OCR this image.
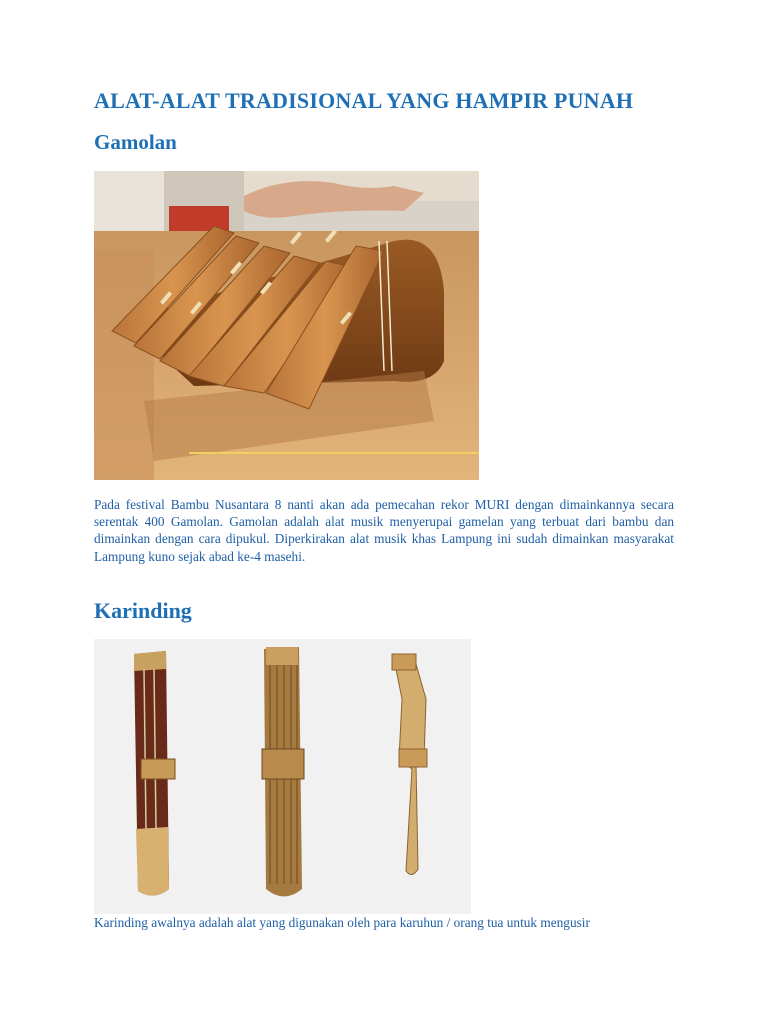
ALAT-ALAT TRADISIONAL YANG HAMPIR PUNAH
Gamolan

Pada festival Bambu Nusantara 8 nanti akan ada pemecahan rekor MURI dengan dimainkannya secara serentak 400 Gamolan. Gamolan adalah alat musik menyerupai gamelan yang terbuat dari bambu dan dimainkan dengan cara dipukul. Diperkirakan alat musik khas Lampung ini sudah dimainkan masyarakat Lampung kuno sejak abad ke-4 masehi.

Karinding

Karinding awalnya adalah alat yang digunakan oleh para karuhun / orang tua untuk mengusir
